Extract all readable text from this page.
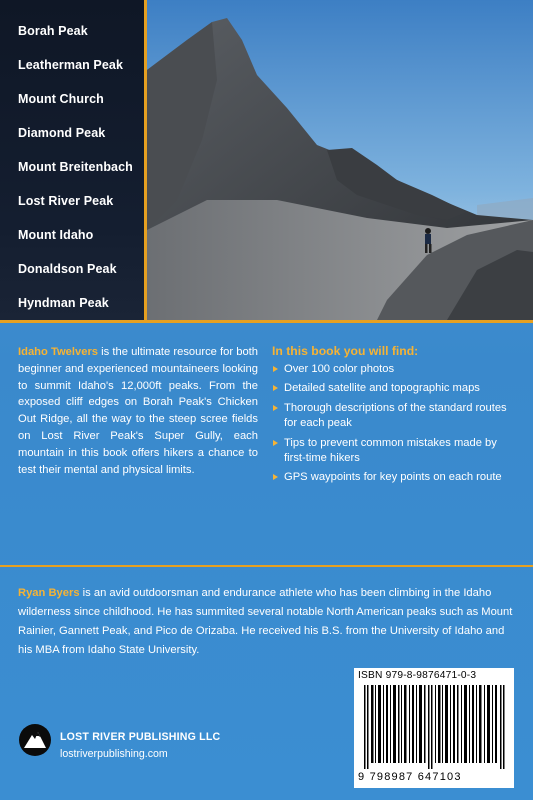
Borah Peak
Leatherman Peak
Mount Church
Diamond Peak
Mount Breitenbach
Lost River Peak
Mount Idaho
Donaldson Peak
Hyndman Peak
Idaho Twelvers is the ultimate resource for both beginner and experienced mountaineers looking to summit Idaho's 12,000ft peaks. From the exposed cliff edges on Borah Peak's Chicken Out Ridge, all the way to the steep scree fields on Lost River Peak's Super Gully, each mountain in this book offers hikers a chance to test their mental and physical limits.
In this book you will find:
Over 100 color photos
Detailed satellite and topographic maps
Thorough descriptions of the standard routes for each peak
Tips to prevent common mistakes made by first-time hikers
GPS waypoints for key points on each route
Ryan Byers is an avid outdoorsman and endurance athlete who has been climbing in the Idaho wilderness since childhood. He has summited several notable North American peaks such as Mount Rainier, Gannett Peak, and Pico de Orizaba. He received his B.S. from the University of Idaho and his MBA from Idaho State University.
LOST RIVER PUBLISHING LLC
lostriverpublishing.com
ISBN 979-8-9876471-0-3
9 798987 647103
